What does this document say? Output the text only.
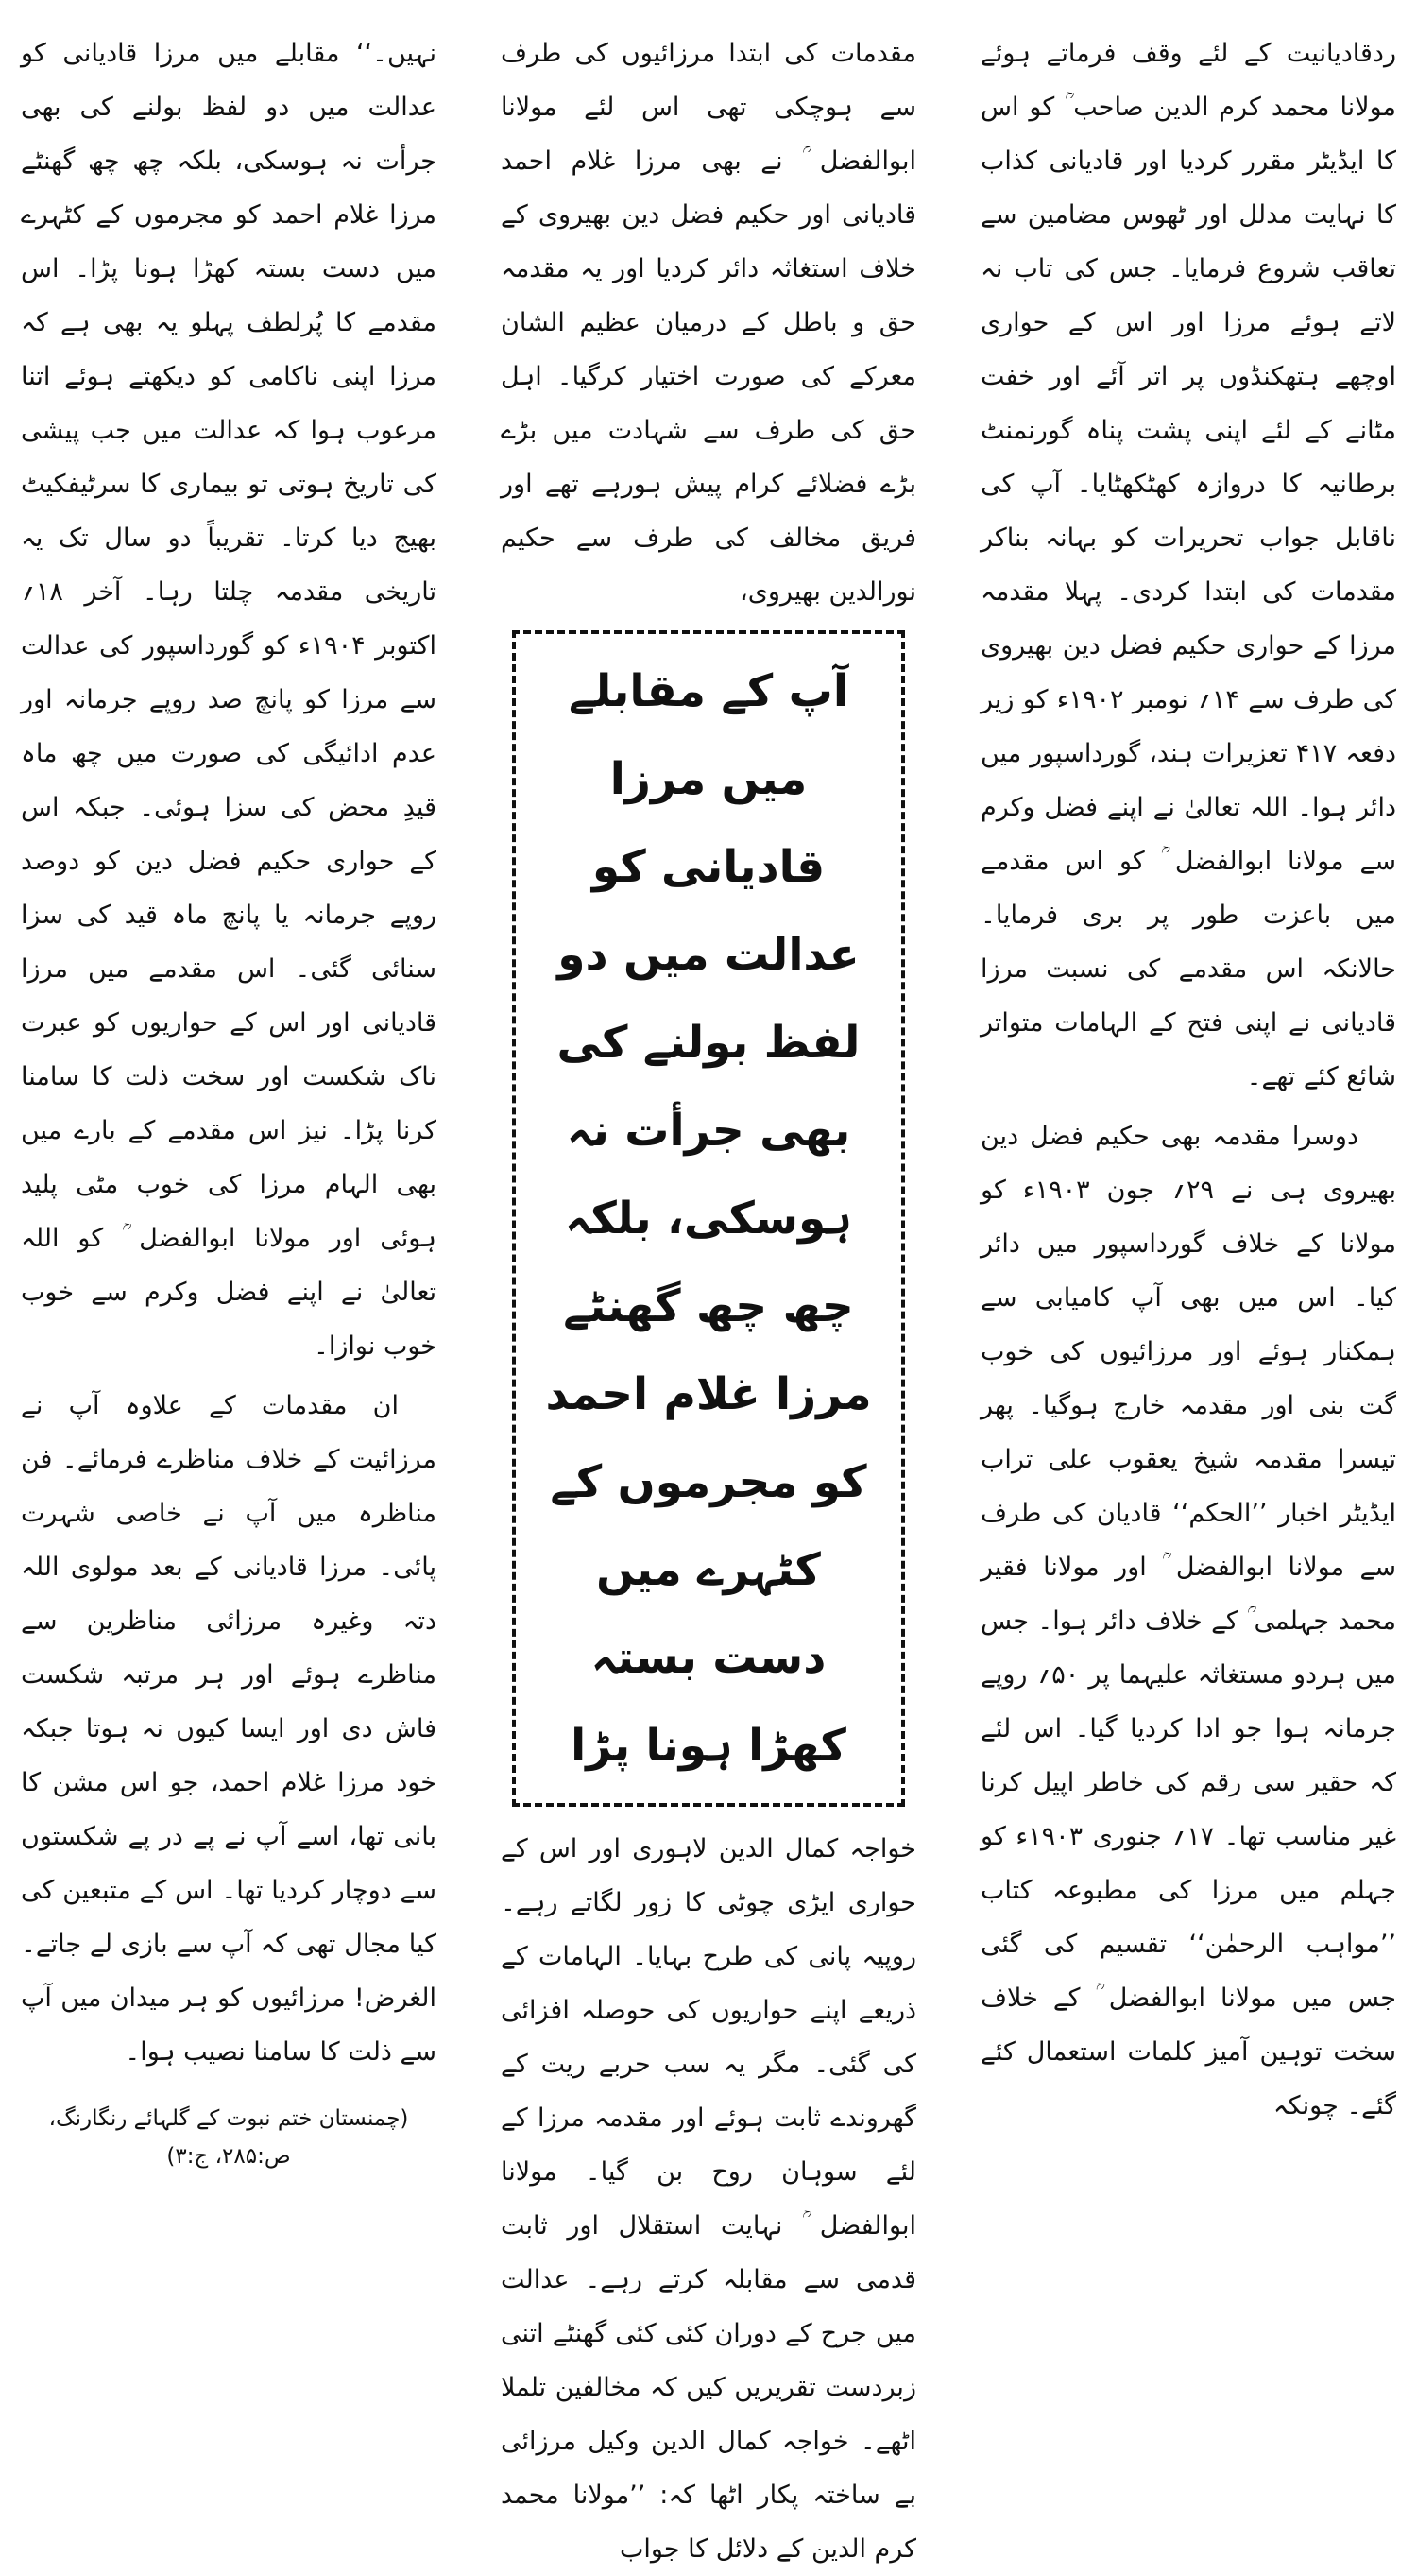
ردقادیانیت کے لئے وقف فرماتے ہوئے مولانا محمد کرم الدین صاحب ؒ کو اس کا ایڈیٹر مقرر کردیا اور قادیانی کذاب کا نہایت مدلل اور ٹھوس مضامین سے تعاقب شروع فرمایا۔ جس کی تاب نہ لاتے ہوئے مرزا اور اس کے حواری اوچھے ہتھکنڈوں پر اتر آئے اور خفت مٹانے کے لئے اپنی پشت پناہ گورنمنٹ برطانیہ کا دروازہ کھٹکھٹایا۔ آپ کی ناقابل جواب تحریرات کو بہانہ بناکر مقدمات کی ابتدا کردی۔ پہلا مقدمہ مرزا کے حواری حکیم فضل دین بھیروی کی طرف سے ۱۴؍ نومبر ۱۹۰۲ء کو زیر دفعہ ۴۱۷ تعزیرات ہند، گورداسپور میں دائر ہوا۔ اللہ تعالیٰ نے اپنے فضل وکرم سے مولانا ابوالفضل ؒ کو اس مقدمے میں باعزت طور پر بری فرمایا۔ حالانکہ اس مقدمے کی نسبت مرزا قادیانی نے اپنی فتح کے الہامات متواتر شائع کئے تھے۔

دوسرا مقدمہ بھی حکیم فضل دین بھیروی ہی نے ۲۹؍ جون ۱۹۰۳ء کو مولانا کے خلاف گورداسپور میں دائر کیا۔ اس میں بھی آپ کامیابی سے ہمکنار ہوئے اور مرزائیوں کی خوب گت بنی اور مقدمہ خارج ہوگیا۔ پھر تیسرا مقدمہ شیخ یعقوب علی تراب ایڈیٹر اخبار ’’الحکم‘‘ قادیان کی طرف سے مولانا ابوالفضل ؒ اور مولانا فقیر محمد جہلمی ؒ کے خلاف دائر ہوا۔ جس میں ہردو مستغاثہ علیہما پر ۵۰؍ روپے جرمانہ ہوا جو ادا کردیا گیا۔ اس لئے کہ حقیر سی رقم کی خاطر اپیل کرنا غیر مناسب تھا۔ ۱۷؍ جنوری ۱۹۰۳ء کو جہلم میں مرزا کی مطبوعہ کتاب ’’مواہب الرحمٰن‘‘ تقسیم کی گئی جس میں مولانا ابوالفضل ؒ کے خلاف سخت توہین آمیز کلمات استعمال کئے گئے۔ چونکہ

مقدمات کی ابتدا مرزائیوں کی طرف سے ہوچکی تھی اس لئے مولانا ابوالفضل ؒ نے بھی مرزا غلام احمد قادیانی اور حکیم فضل دین بھیروی کے خلاف استغاثہ دائر کردیا اور یہ مقدمہ حق و باطل کے درمیان عظیم الشان معرکے کی صورت اختیار کرگیا۔ اہل حق کی طرف سے شہادت میں بڑے بڑے فضلائے کرام پیش ہورہے تھے اور فریق مخالف کی طرف سے حکیم نورالدین بھیروی،

آپ کے مقابلے میں مرزا قادیانی کو عدالت میں دو لفظ بولنے کی بھی جرأت نہ ہوسکی، بلکہ چھ چھ گھنٹے مرزا غلام احمد کو مجرموں کے کٹہرے میں دست بستہ کھڑا ہونا پڑا

خواجہ کمال الدین لاہوری اور اس کے حواری ایڑی چوٹی کا زور لگاتے رہے۔ روپیہ پانی کی طرح بہایا۔ الہامات کے ذریعے اپنے حواریوں کی حوصلہ افزائی کی گئی۔ مگر یہ سب حربے ریت کے گھروندے ثابت ہوئے اور مقدمہ مرزا کے لئے سوہان روح بن گیا۔ مولانا ابوالفضل ؒ نہایت استقلال اور ثابت قدمی سے مقابلہ کرتے رہے۔ عدالت میں جرح کے دوران کئی کئی گھنٹے اتنی زبردست تقریریں کیں کہ مخالفین تلملا اٹھے۔ خواجہ کمال الدین وکیل مرزائی بے ساختہ پکار اٹھا کہ: ’’مولانا محمد کرم الدین کے دلائل کا جواب

نہیں۔‘‘ مقابلے میں مرزا قادیانی کو عدالت میں دو لفظ بولنے کی بھی جرأت نہ ہوسکی، بلکہ چھ چھ گھنٹے مرزا غلام احمد کو مجرموں کے کٹہرے میں دست بستہ کھڑا ہونا پڑا۔ اس مقدمے کا پُرلطف پہلو یہ بھی ہے کہ مرزا اپنی ناکامی کو دیکھتے ہوئے اتنا مرعوب ہوا کہ عدالت میں جب پیشی کی تاریخ ہوتی تو بیماری کا سرٹیفکیٹ بھیج دیا کرتا۔ تقریباً دو سال تک یہ تاریخی مقدمہ چلتا رہا۔ آخر ۱۸؍ اکتوبر ۱۹۰۴ء کو گورداسپور کی عدالت سے مرزا کو پانچ صد روپے جرمانہ اور عدم ادائیگی کی صورت میں چھ ماہ قیدِ محض کی سزا ہوئی۔ جبکہ اس کے حواری حکیم فضل دین کو دوصد روپے جرمانہ یا پانچ ماہ قید کی سزا سنائی گئی۔ اس مقدمے میں مرزا قادیانی اور اس کے حواریوں کو عبرت ناک شکست اور سخت ذلت کا سامنا کرنا پڑا۔ نیز اس مقدمے کے بارے میں بھی الہام مرزا کی خوب مٹی پلید ہوئی اور مولانا ابوالفضل ؒ کو اللہ تعالیٰ نے اپنے فضل وکرم سے خوب خوب نوازا۔

ان مقدمات کے علاوہ آپ نے مرزائیت کے خلاف مناظرے فرمائے۔ فن مناظرہ میں آپ نے خاصی شہرت پائی۔ مرزا قادیانی کے بعد مولوی اللہ دتہ وغیرہ مرزائی مناظرین سے مناظرے ہوئے اور ہر مرتبہ شکست فاش دی اور ایسا کیوں نہ ہوتا جبکہ خود مرزا غلام احمد، جو اس مشن کا بانی تھا، اسے آپ نے پے در پے شکستوں سے دوچار کردیا تھا۔ اس کے متبعین کی کیا مجال تھی کہ آپ سے بازی لے جاتے۔ الغرض! مرزائیوں کو ہر میدان میں آپ سے ذلت کا سامنا نصیب ہوا۔

(چمنستان ختم نبوت کے گلہائے رنگارنگ، ص:۲۸۵، ج:۳)
